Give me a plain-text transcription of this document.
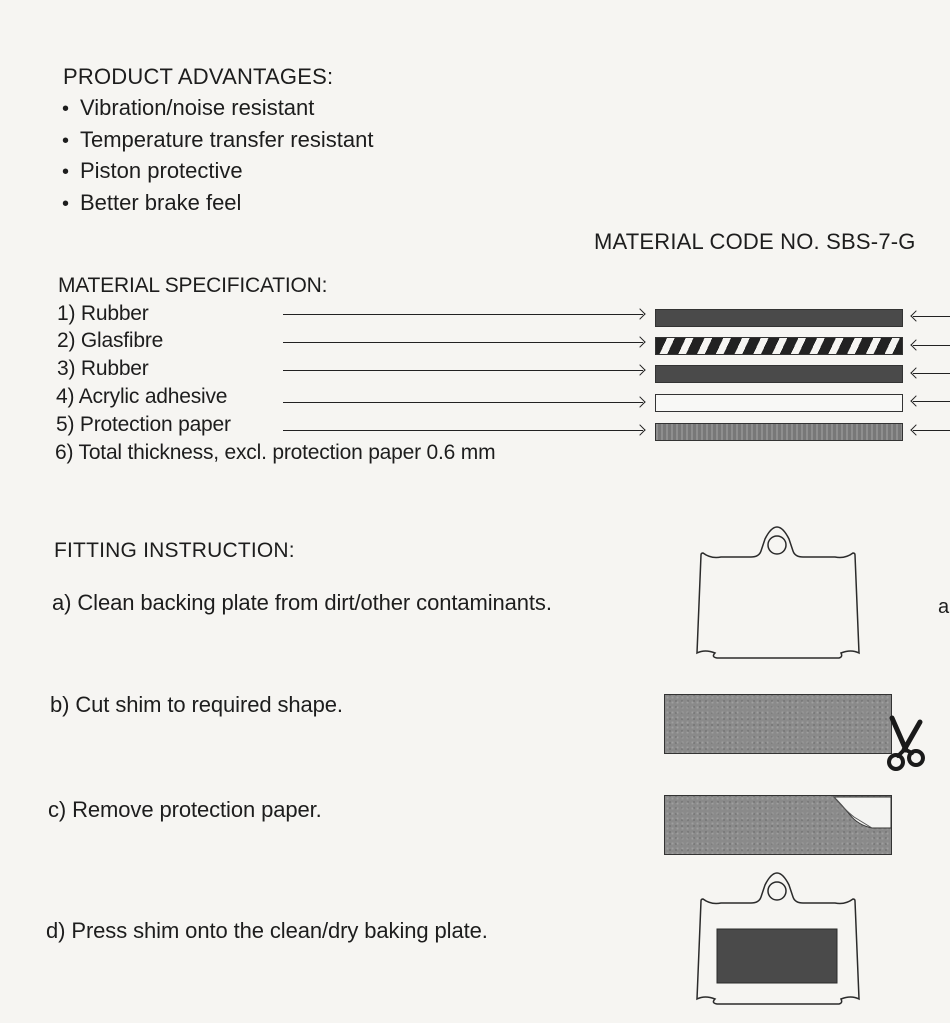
PRODUCT ADVANTAGES:
• Vibration/noise resistant
• Temperature transfer resistant
• Piston protective
• Better brake feel
MATERIAL CODE NO. SBS-7-G
MATERIAL SPECIFICATION:
1) Rubber
2) Glasfibre
3) Rubber
4) Acrylic adhesive
5) Protection paper
6) Total thickness, excl. protection paper 0.6 mm
FITTING INSTRUCTION:
a) Clean backing plate from dirt/other contaminants.
b) Cut shim to required shape.
c) Remove protection paper.
d) Press shim onto the clean/dry baking plate.
a
